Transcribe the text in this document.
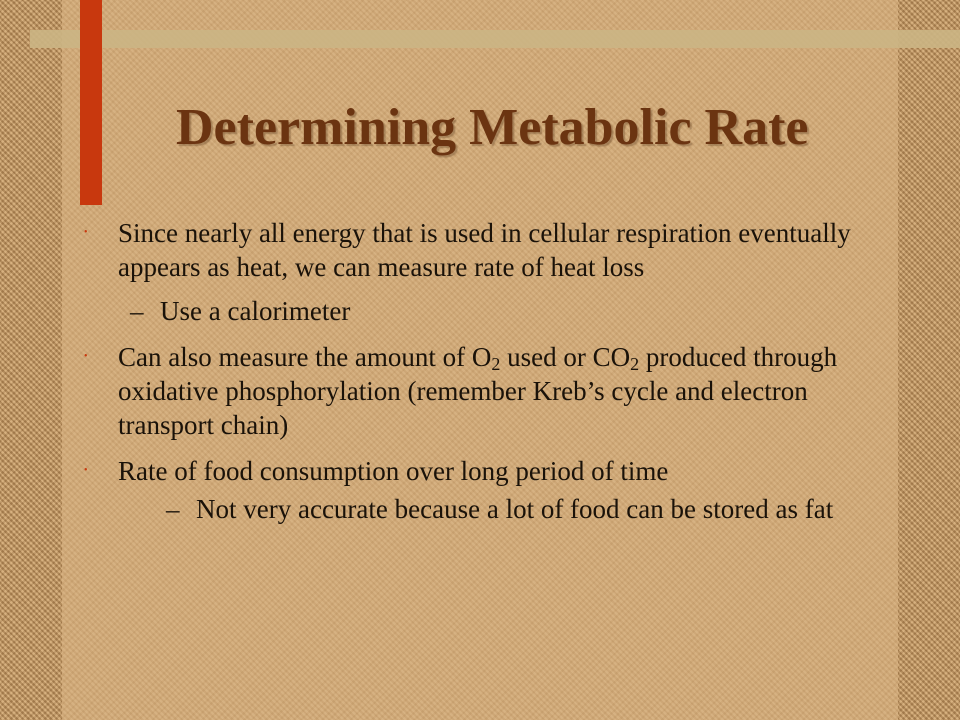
Determining Metabolic Rate
•	Since nearly all energy that is used in cellular respiration eventually appears as heat, we can measure rate of heat loss
– Use a calorimeter
•	Can also measure the amount of $O_2$ used or $CO_2$ produced through oxidative phosphorylation (remember Kreb’s cycle and electron transport chain)
•	Rate of food consumption over long period of time
– Not very accurate because a lot of food can be stored as fat
